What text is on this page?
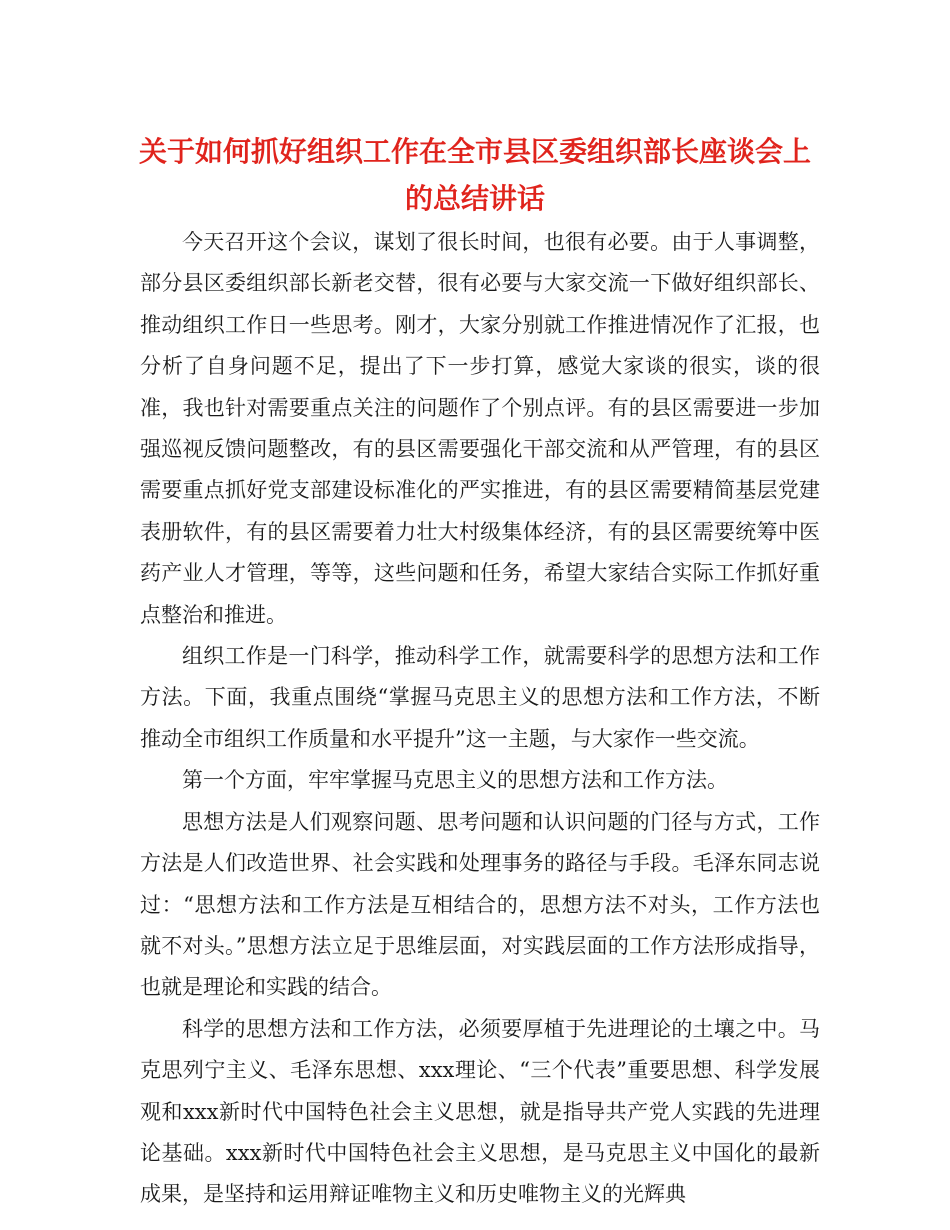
关于如何抓好组织工作在全市县区委组织部长座谈会上
的总结讲话

今天召开这个会议，谋划了很长时间，也很有必要。由于人事调整，部分县区委组织部长新老交替，很有必要与大家交流一下做好组织部长、推动组织工作日一些思考。刚才，大家分别就工作推进情况作了汇报，也分析了自身问题不足，提出了下一步打算，感觉大家谈的很实，谈的很准，我也针对需要重点关注的问题作了个别点评。有的县区需要进一步加强巡视反馈问题整改，有的县区需要强化干部交流和从严管理，有的县区需要重点抓好党支部建设标准化的严实推进，有的县区需要精简基层党建表册软件，有的县区需要着力壮大村级集体经济，有的县区需要统筹中医药产业人才管理，等等，这些问题和任务，希望大家结合实际工作抓好重点整治和推进。

组织工作是一门科学，推动科学工作，就需要科学的思想方法和工作方法。下面，我重点围绕“掌握马克思主义的思想方法和工作方法，不断推动全市组织工作质量和水平提升”这一主题，与大家作一些交流。

第一个方面，牢牢掌握马克思主义的思想方法和工作方法。

思想方法是人们观察问题、思考问题和认识问题的门径与方式，工作方法是人们改造世界、社会实践和处理事务的路径与手段。毛泽东同志说过：“思想方法和工作方法是互相结合的，思想方法不对头，工作方法也就不对头。”思想方法立足于思维层面，对实践层面的工作方法形成指导，也就是理论和实践的结合。

科学的思想方法和工作方法，必须要厚植于先进理论的土壤之中。马克思列宁主义、毛泽东思想、xxx理论、“三个代表”重要思想、科学发展观和xxx新时代中国特色社会主义思想，就是指导共产党人实践的先进理论基础。xxx新时代中国特色社会主义思想，是马克思主义中国化的最新成果，是坚持和运用辩证唯物主义和历史唯物主义的光辉典
